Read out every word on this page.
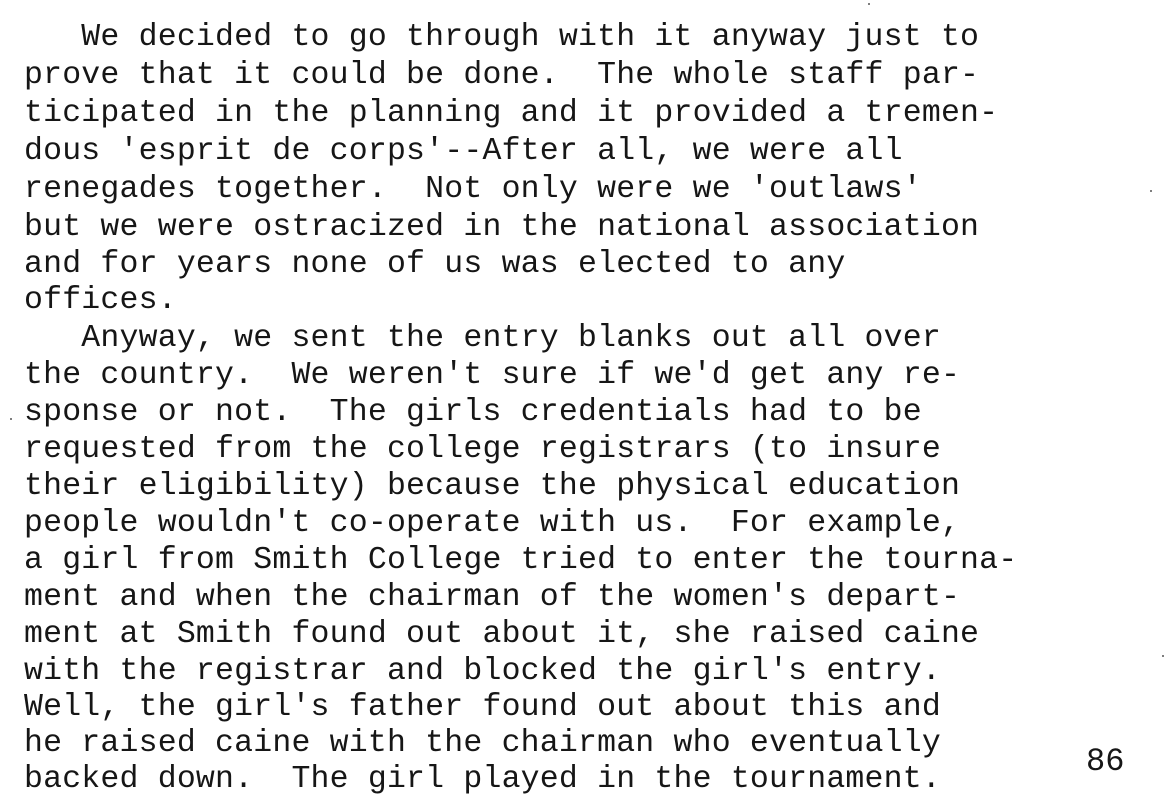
We decided to go through with it anyway just to
prove that it could be done.  The whole staff par-
ticipated in the planning and it provided a tremen-
dous 'esprit de corps'--After all, we were all
renegades together.  Not only were we 'outlaws'
but we were ostracized in the national association
and for years none of us was elected to any
offices.
Anyway, we sent the entry blanks out all over
the country.  We weren't sure if we'd get any re-
sponse or not.  The girls credentials had to be
requested from the college registrars (to insure
their eligibility) because the physical education
people wouldn't co-operate with us.  For example,
a girl from Smith College tried to enter the tourna-
ment and when the chairman of the women's depart-
ment at Smith found out about it, she raised caine
with the registrar and blocked the girl's entry.
Well, the girl's father found out about this and
he raised caine with the chairman who eventually
backed down.  The girl played in the tournament.	86
